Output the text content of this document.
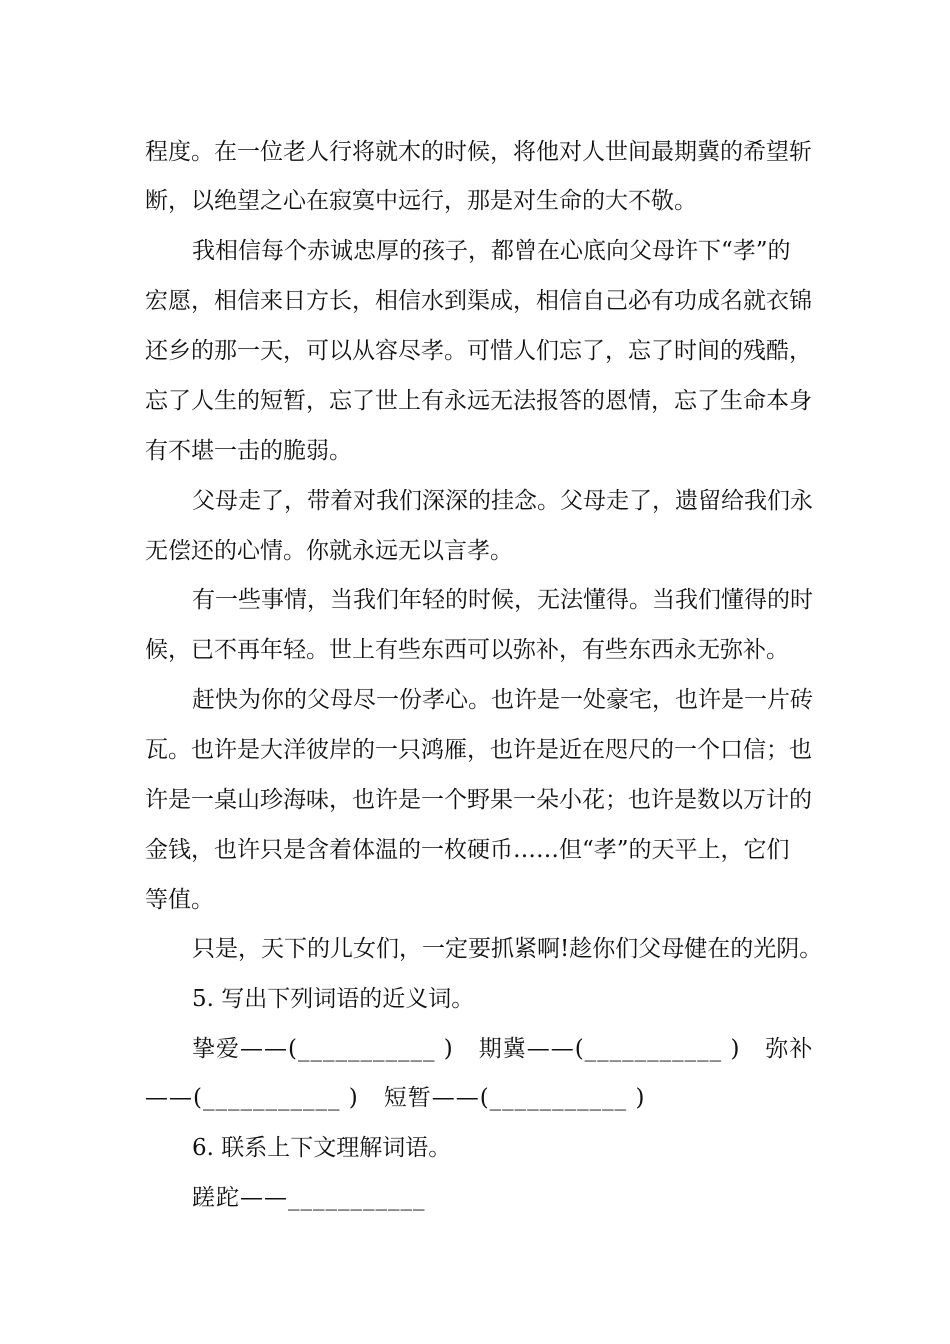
程度。在一位老人行将就木的时候，将他对人世间最期冀的希望斩
断，以绝望之心在寂寞中远行，那是对生命的大不敬。
我相信每个赤诚忠厚的孩子，都曾在心底向父母许下“孝”的
宏愿，相信来日方长，相信水到渠成，相信自己必有功成名就衣锦
还乡的那一天，可以从容尽孝。可惜人们忘了，忘了时间的残酷，
忘了人生的短暂，忘了世上有永远无法报答的恩情，忘了生命本身
有不堪一击的脆弱。
父母走了，带着对我们深深的挂念。父母走了，遗留给我们永
无偿还的心情。你就永远无以言孝。
有一些事情，当我们年轻的时候，无法懂得。当我们懂得的时
候，已不再年轻。世上有些东西可以弥补，有些东西永无弥补。
赶快为你的父母尽一份孝心。也许是一处豪宅，也许是一片砖
瓦。也许是大洋彼岸的一只鸿雁，也许是近在咫尺的一个口信；也
许是一桌山珍海味，也许是一个野果一朵小花；也许是数以万计的
金钱，也许只是含着体温的一枚硬币……但“孝”的天平上，它们
等值。
只是，天下的儿女们，一定要抓紧啊!趁你们父母健在的光阴。
5. 写出下列词语的近义词。
挚爱——(___________ )   期冀——(___________ )   弥补
——(___________ )   短暂——(___________ )
6. 联系上下文理解词语。
蹉跎——___________
